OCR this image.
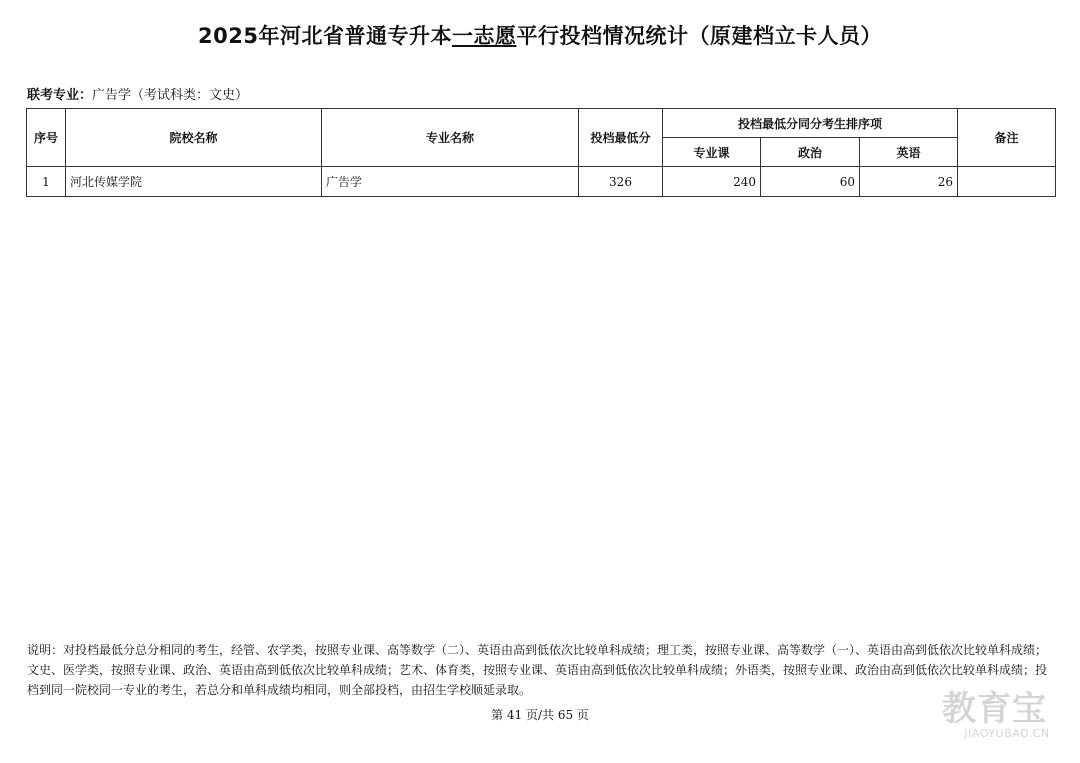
2025年河北省普通专升本一志愿平行投档情况统计（原建档立卡人员）
联考专业：广告学（考试科类：文史）
序号	院校名称	专业名称	投档最低分	投档最低分同分考生排序项			备注
				专业课	政治	英语	
1	河北传媒学院	广告学	326	240	60	26	
说明：对投档最低分总分相同的考生，经管、农学类，按照专业课、高等数学（二）、英语由高到低依次比较单科成绩；理工类，按照专业课、高等数学（一）、英语由高到低依次比较单科成绩；文史、医学类，按照专业课、政治、英语由高到低依次比较单科成绩；艺术、体育类，按照专业课、英语由高到低依次比较单科成绩；外语类，按照专业课、政治由高到低依次比较单科成绩；投档到同一院校同一专业的考生，若总分和单科成绩均相同，则全部投档，由招生学校顺延录取。
第 41 页/共 65 页	教育宝
JIAOYUBAO.CN
